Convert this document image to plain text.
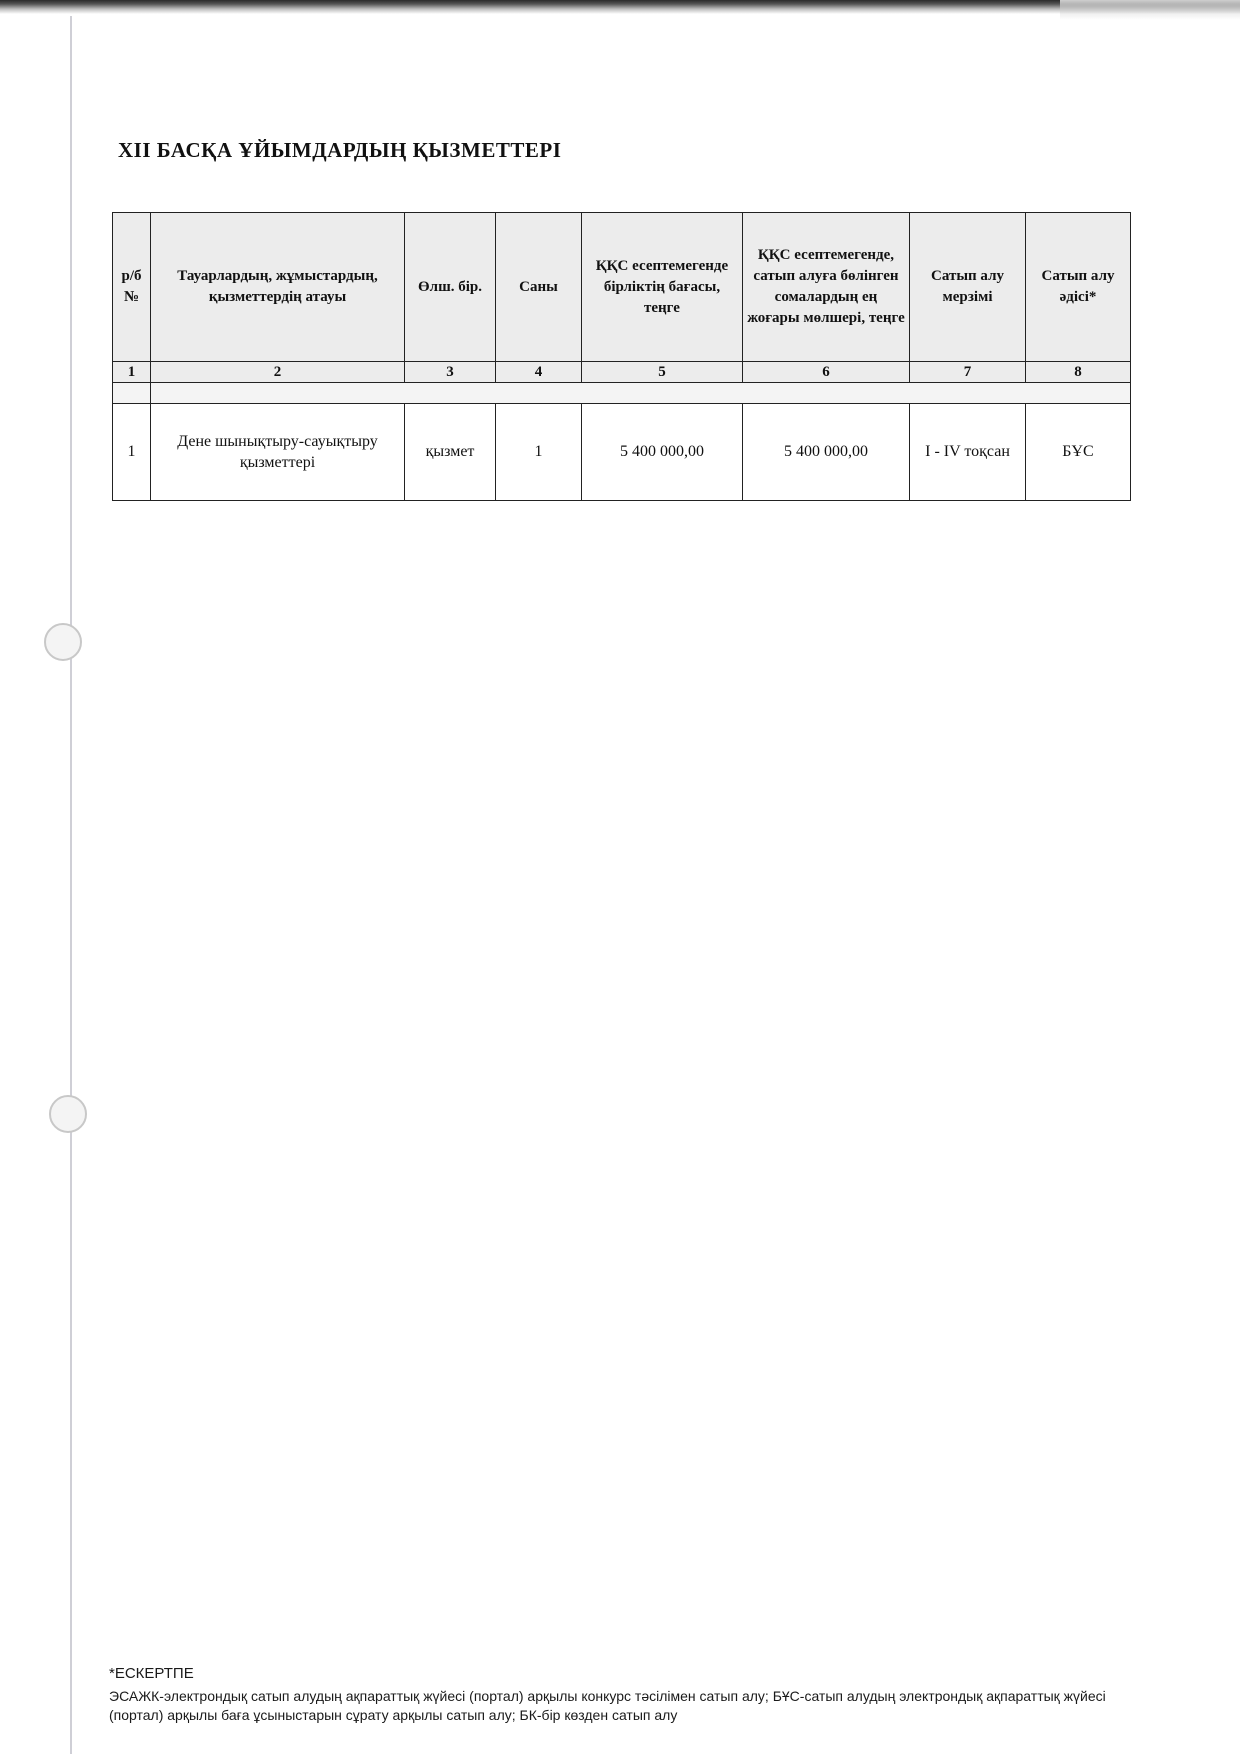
XII БАСҚА ҰЙЫМДАРДЫҢ ҚЫЗМЕТТЕРІ
р/б №	Тауарлардың, жұмыстардың, қызметтердің атауы	Өлш. бір.	Саны	ҚҚС есептемегенде бірліктің бағасы, теңге	ҚҚС есептемегенде, сатып алуға бөлінген сомалардың ең жоғары мөлшері, теңге	Сатып алу мерзімі	Сатып алу әдісі*
1	2	3	4	5	6	7	8

1	Дене шынықтыру-сауықтыру қызметтері	қызмет	1	5 400 000,00	5 400 000,00	I - IV тоқсан	БҰС
*ЕСКЕРТПЕ
ЭСАЖК-электрондық сатып алудың ақпараттық жүйесі (портал) арқылы конкурс тәсілімен сатып алу; БҰС-сатып алудың электрондық ақпараттық жүйесі (портал) арқылы баға ұсыныстарын сұрату арқылы сатып алу; БК-бір көзден сатып алу
